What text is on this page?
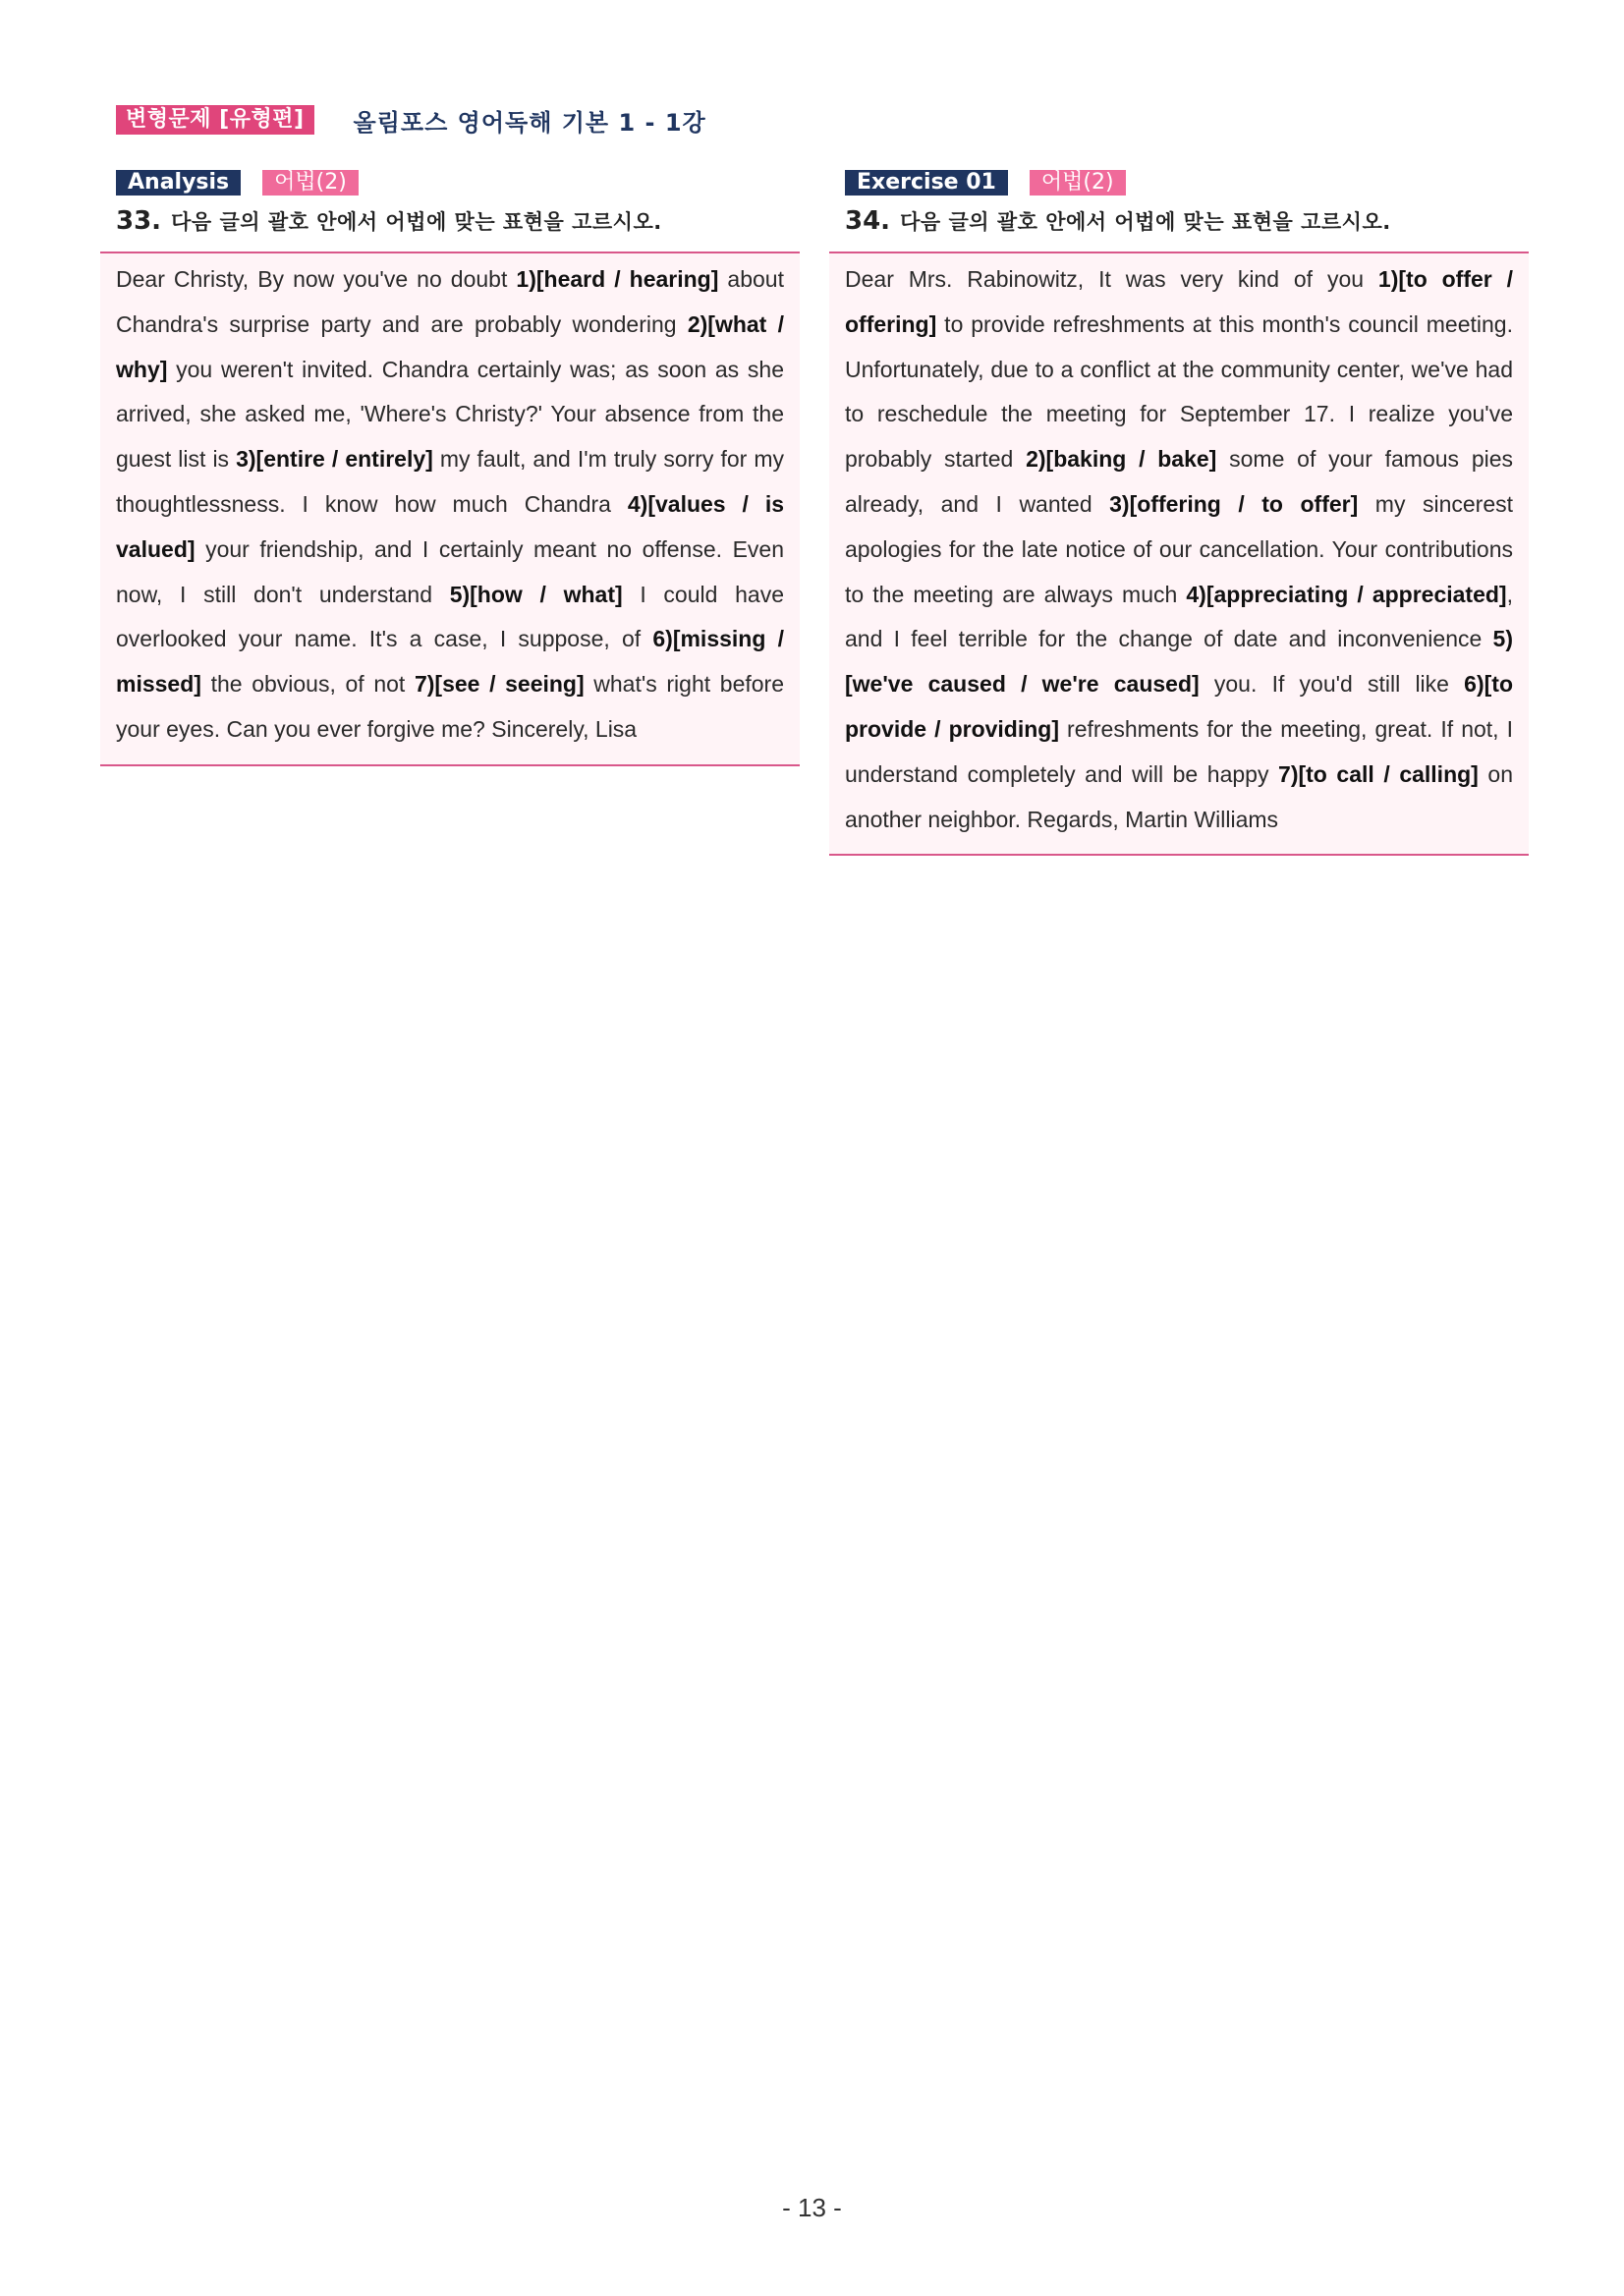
변형문제 [유형편]	올림포스 영어독해 기본 1 - 1강
Analysis	어법(2)
33. 다음 글의 괄호 안에서 어법에 맞는 표현을 고르시오.

Dear Christy, By now you've no doubt 1)[heard / hearing] about Chandra's surprise party and are probably wondering 2)[what / why] you weren't invited. Chandra certainly was; as soon as she arrived, she asked me, 'Where's Christy?' Your absence from the guest list is 3)[entire / entirely] my fault, and I'm truly sorry for my thoughtlessness. I know how much Chandra 4)[values / is valued] your friendship, and I certainly meant no offense. Even now, I still don't understand 5)[how / what] I could have overlooked your name. It's a case, I suppose, of 6)[missing / missed] the obvious, of not 7)[see / seeing] what's right before your eyes. Can you ever forgive me? Sincerely, Lisa

Exercise 01	어법(2)
34. 다음 글의 괄호 안에서 어법에 맞는 표현을 고르시오.

Dear Mrs. Rabinowitz, It was very kind of you 1)[to offer / offering] to provide refreshments at this month's council meeting. Unfortunately, due to a conflict at the community center, we've had to reschedule the meeting for September 17. I realize you've probably started 2)[baking / bake] some of your famous pies already, and I wanted 3)[offering / to offer] my sincerest apologies for the late notice of our cancellation. Your contributions to the meeting are always much 4)[appreciating / appreciated], and I feel terrible for the change of date and inconvenience 5)[we've caused / we're caused] you. If you'd still like 6)[to provide / providing] refreshments for the meeting, great. If not, I understand completely and will be happy 7)[to call / calling] on another neighbor. Regards, Martin Williams

- 13 -
